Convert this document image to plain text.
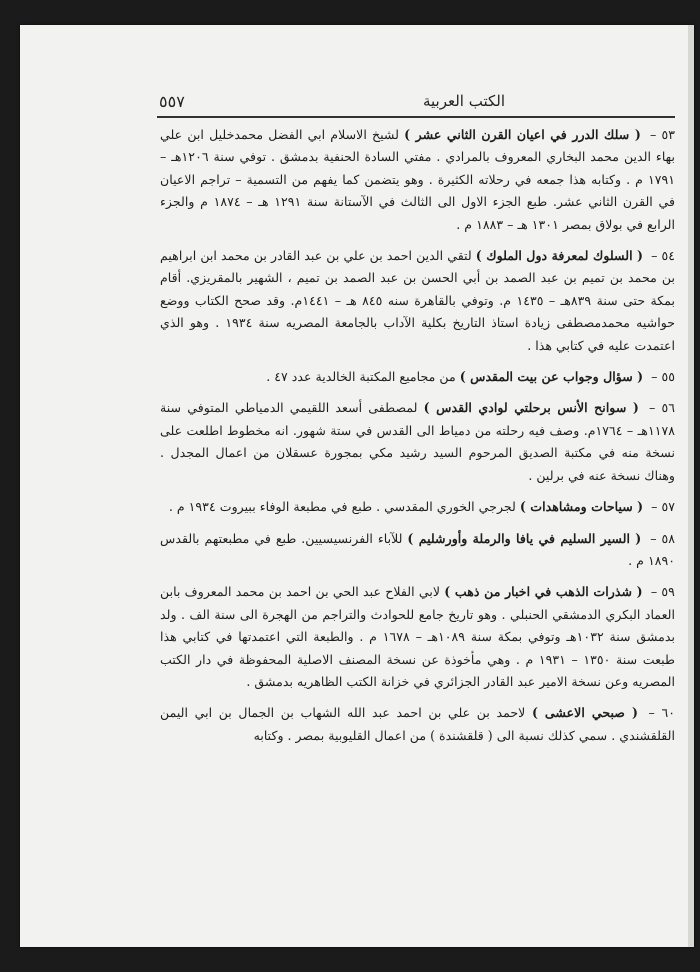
الكتب العربية
٥٥٧

٥٣ – ( سلك الدرر في اعيان القرن الثاني عشر ) لشيخ الاسلام ابي الفضل محمدخليل ابن علي بهاء الدين محمد البخاري المعروف بالمرادي . مفتي السادة الحنفية بدمشق . توفي سنة ١٢٠٦هـ – ١٧٩١ م . وكتابه هذا جمعه في رحلاته الكثيرة . وهو يتضمن كما يفهم من التسمية – تراجم الاعيان في القرن الثاني عشر. طبع الجزء الاول الى الثالث في الآستانة سنة ١٢٩١ هـ – ١٨٧٤ م والجزء الرابع في بولاق بمصر ١٣٠١ هـ – ١٨٨٣ م .

٥٤ – ( السلوك لمعرفة دول الملوك ) لتقي الدين احمد بن علي بن عبد القادر بن محمد ابن ابراهيم بن محمد بن تميم بن عبد الصمد بن أبي الحسن بن عبد الصمد بن تميم ، الشهير بالمقريزي. أقام بمكة حتى سنة ٨٣٩هـ – ١٤٣٥ م. وتوفي بالقاهرة سنه ٨٤٥ هـ – ١٤٤١م. وقد صحح الكتاب ووضع حواشيه محمدمصطفى زيادة استاذ التاريخ بكلية الآداب بالجامعة المصريه سنة ١٩٣٤ . وهو الذي اعتمدت عليه في كتابي هذا .

٥٥ – ( سؤال وجواب عن بيت المقدس ) من مجاميع المكتبة الخالدية عدد ٤٧ .

٥٦ – ( سوانح الأنس برحلتي لوادي القدس ) لمصطفى أسعد اللقيمي الدمياطي المتوفي سنة ١١٧٨هـ – ١٧٦٤م. وصف فيه رحلته من دمياط الى القدس في ستة شهور. انه مخطوط اطلعت على نسخة منه في مكتبة الصديق المرحوم السيد رشيد مكي بمجورة عسقلان من اعمال المجدل . وهناك نسخة عنه في برلين .

٥٧ – ( سياحات ومشاهدات ) لجرجي الخوري المقدسي . طبع في مطبعة الوفاء ببيروت ١٩٣٤ م .

٥٨ – ( السير السليم في يافا والرملة وأورشليم ) للآباء الفرنسيسيين. طبع في مطبعتهم بالقدس ١٨٩٠ م .

٥٩ – ( شذرات الذهب في اخبار من ذهب ) لابي الفلاح عبد الحي بن احمد بن محمد المعروف بابن العماد البكري الدمشقي الحنبلي . وهو تاريخ جامع للحوادث والتراجم من الهجرة الى سنة الف . ولد بدمشق سنة ١٠٣٢هـ وتوفي بمكة سنة ١٠٨٩هـ – ١٦٧٨ م . والطبعة التي اعتمدتها في كتابي هذا طبعت سنة ١٣٥٠ – ١٩٣١ م . وهي مأخوذة عن نسخة المصنف الاصلية المحفوظة في دار الكتب المصريه وعن نسخة الامير عبد القادر الجزائري في خزانة الكتب الظاهريه بدمشق .

٦٠ – ( صبحي الاعشى ) لاحمد بن علي بن احمد عبد الله الشهاب بن الجمال بن ابي اليمن القلقشندي . سمي كذلك نسبة الى ( قلقشندة ) من اعمال القليوبية بمصر . وكتابه
